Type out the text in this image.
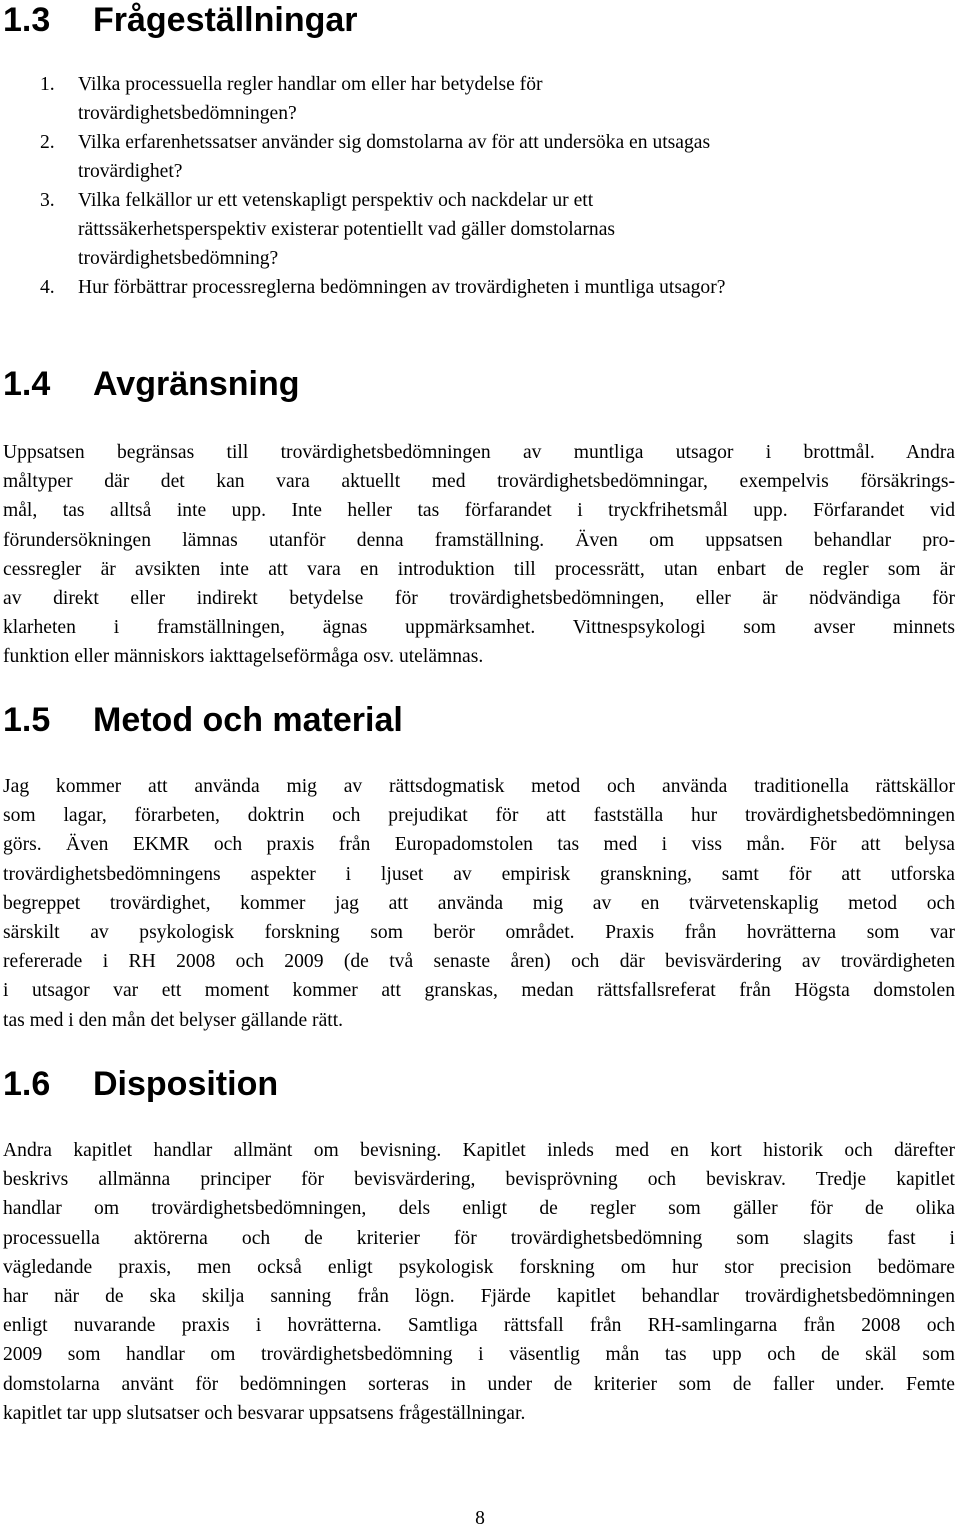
1.3 Frågeställningar
1. Vilka processuella regler handlar om eller har betydelse för
trovärdighetsbedömningen?
2. Vilka erfarenhetssatser använder sig domstolarna av för att undersöka en utsagas
trovärdighet?
3. Vilka felkällor ur ett vetenskapligt perspektiv och nackdelar ur ett
rättssäkerhetsperspektiv existerar potentiellt vad gäller domstolarnas
trovärdighetsbedömning?
4. Hur förbättrar processreglerna bedömningen av trovärdigheten i muntliga utsagor?
1.4 Avgränsning

Uppsatsen begränsas till trovärdighetsbedömningen av muntliga utsagor i brottmål. Andra
måltyper där det kan vara aktuellt med trovärdighetsbedömningar, exempelvis försäkrings-
mål, tas alltså inte upp. Inte heller tas förfarandet i tryckfrihetsmål upp. Förfarandet vid
förundersökningen lämnas utanför denna framställning. Även om uppsatsen behandlar pro-
cessregler är avsikten inte att vara en introduktion till processrätt, utan enbart de regler som är
av direkt eller indirekt betydelse för trovärdighetsbedömningen, eller är nödvändiga för
klarheten i framställningen, ägnas uppmärksamhet. Vittnespsykologi som avser minnets
funktion eller människors iakttagelseförmåga osv. utelämnas.

1.5 Metod och material

Jag kommer att använda mig av rättsdogmatisk metod och använda traditionella rättskällor
som lagar, förarbeten, doktrin och prejudikat för att fastställa hur trovärdighetsbedömningen
görs. Även EKMR och praxis från Europadomstolen tas med i viss mån. För att belysa
trovärdighetsbedömningens aspekter i ljuset av empirisk granskning, samt för att utforska
begreppet trovärdighet, kommer jag att använda mig av en tvärvetenskaplig metod och
särskilt av psykologisk forskning som berör området. Praxis från hovrätterna som var
refererade i RH 2008 och 2009 (de två senaste åren) och där bevisvärdering av trovärdigheten
i utsagor var ett moment kommer att granskas, medan rättsfallsreferat från Högsta domstolen
tas med i den mån det belyser gällande rätt.

1.6 Disposition

Andra kapitlet handlar allmänt om bevisning. Kapitlet inleds med en kort historik och därefter
beskrivs allmänna principer för bevisvärdering, bevisprövning och beviskrav. Tredje kapitlet
handlar om trovärdighetsbedömningen, dels enligt de regler som gäller för de olika
processuella aktörerna och de kriterier för trovärdighetsbedömning som slagits fast i
vägledande praxis, men också enligt psykologisk forskning om hur stor precision bedömare
har när de ska skilja sanning från lögn. Fjärde kapitlet behandlar trovärdighetsbedömningen
enligt nuvarande praxis i hovrätterna. Samtliga rättsfall från RH-samlingarna från 2008 och
2009 som handlar om trovärdighetsbedömning i väsentlig mån tas upp och de skäl som
domstolarna använt för bedömningen sorteras in under de kriterier som de faller under. Femte
kapitlet tar upp slutsatser och besvarar uppsatsens frågeställningar.

8
